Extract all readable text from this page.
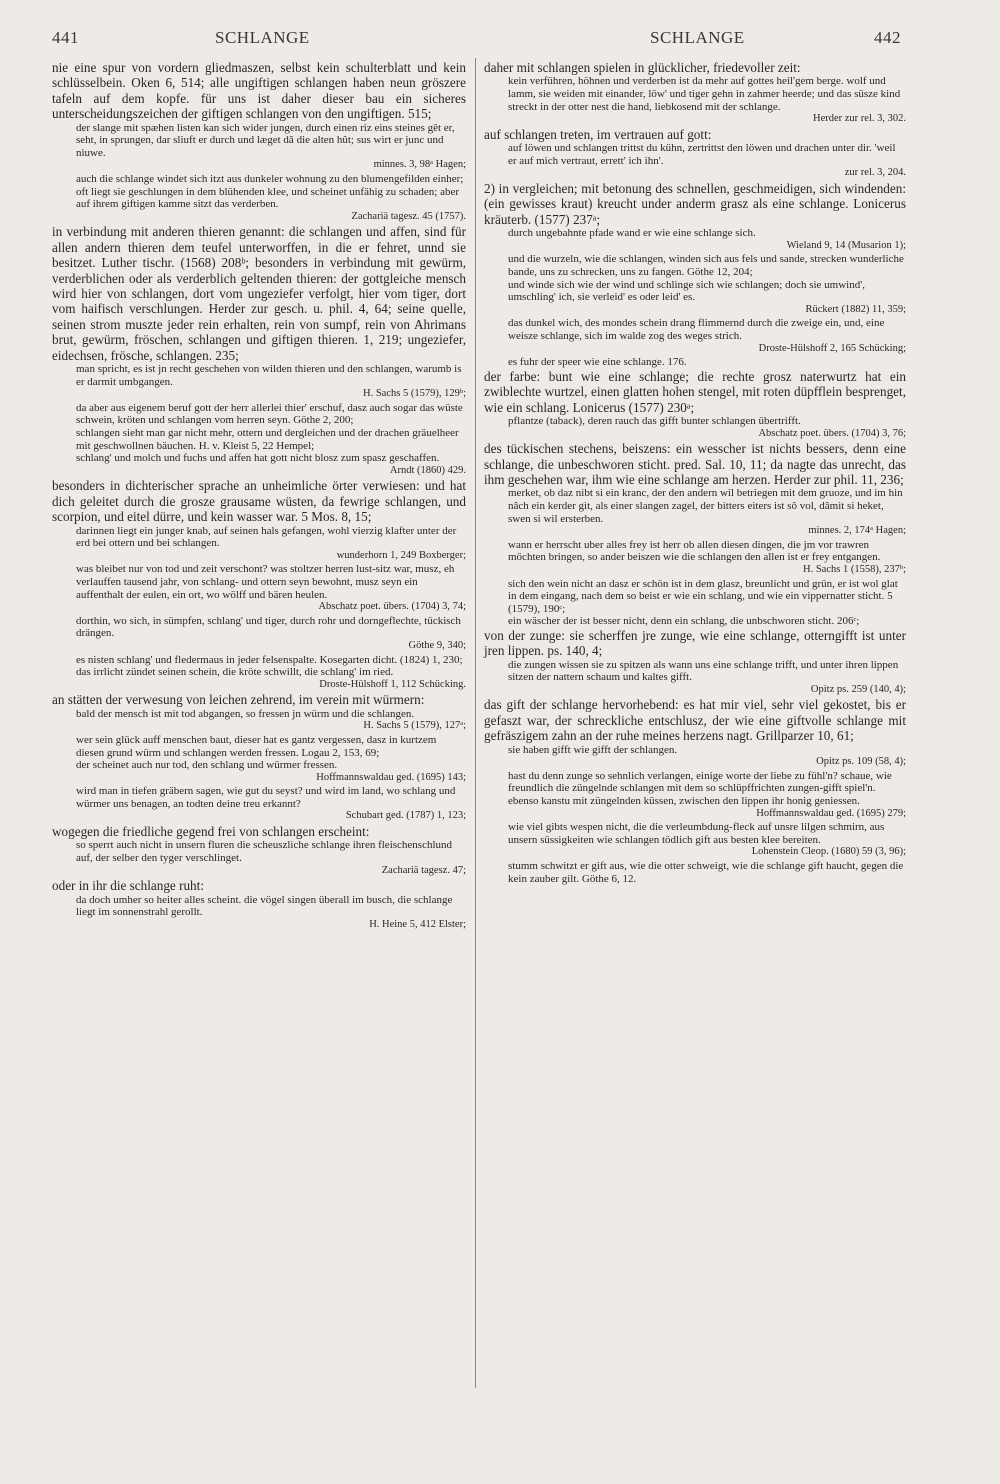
441	SCHLANGE	SCHLANGE	442

nie eine spur von vordern gliedmaszen, selbst kein schulterblatt und kein schlüsselbein. Oken 6, 514; alle ungiftigen schlangen haben neun gröszere tafeln auf dem kopfe. für uns ist daher dieser bau ein sicheres unterscheidungszeichen der giftigen schlangen von den ungiftigen. 515;

der slange mit spæhen listen kan sich wider jungen, durch einen riz eins steines gêt er, seht, in sprungen, dar sliuft er durch und læget dâ die alten hût; sus wirt er junc und niuwe.

minnes. 3, 98ᵃ Hagen;

auch die schlange windet sich itzt aus dunkeler wohnung zu den blumengefilden einher; oft liegt sie geschlungen in dem blühenden klee, und scheinet unfähig zu schaden; aber auf ihrem giftigen kamme sitzt das verderben.

Zachariä tagesz. 45 (1757).

in verbindung mit anderen thieren genannt: die schlangen und affen, sind für allen andern thieren dem teufel unterworffen, in die er fehret, unnd sie besitzet. Luther tischr. (1568) 208ᵇ; besonders in verbindung mit gewürm, verderblichen oder als verderblich geltenden thieren: der gottgleiche mensch wird hier von schlangen, dort vom ungeziefer verfolgt, hier vom tiger, dort vom haifisch verschlungen. Herder zur gesch. u. phil. 4, 64; seine quelle, seinen strom muszte jeder rein erhalten, rein von sumpf, rein von Ahrimans brut, gewürm, fröschen, schlangen und giftigen thieren. 1, 219; ungeziefer, eidechsen, frösche, schlangen. 235;

man spricht, es ist jn recht geschehen von wilden thieren und den schlangen, warumb is er darmit umbgangen.

H. Sachs 5 (1579), 129ᵇ;

da aber aus eigenem beruf gott der herr allerlei thier' erschuf, dasz auch sogar das wüste schwein, kröten und schlangen vom herren seyn. Göthe 2, 200;

schlangen sieht man gar nicht mehr, ottern und dergleichen und der drachen gräuelheer mit geschwollnen bäuchen. H. v. Kleist 5, 22 Hempel;

schlang' und molch und fuchs und affen hat gott nicht blosz zum spasz geschaffen.

Arndt (1860) 429.

besonders in dichterischer sprache an unheimliche örter verwiesen: und hat dich geleitet durch die grosze grausame wüsten, da fewrige schlangen, und scorpion, und eitel dürre, und kein wasser war. 5 Mos. 8, 15;

darinnen liegt ein junger knab, auf seinen hals gefangen, wohl vierzig klafter unter der erd bei ottern und bei schlangen.

wunderhorn 1, 249 Boxberger;

was bleibet nur von tod und zeit verschont? was stoltzer herren lust-sitz war, musz, eh verlauffen tausend jahr, von schlang- und ottern seyn bewohnt, musz seyn ein auffenthalt der eulen, ein ort, wo wölff und bären heulen.

Abschatz poet. übers. (1704) 3, 74;

dorthin, wo sich, in sümpfen, schlang' und tiger, durch rohr und dorngeflechte, tückisch drängen.

Göthe 9, 340;

es nisten schlang' und fledermaus in jeder felsenspalte. Kosegarten dicht. (1824) 1, 230;

das irrlicht zündet seinen schein, die kröte schwillt, die schlang' im ried.

Droste-Hülshoff 1, 112 Schücking.

an stätten der verwesung von leichen zehrend, im verein mit würmern:

bald der mensch ist mit tod abgangen, so fressen jn würm und die schlangen.

H. Sachs 5 (1579), 127ᵃ;

wer sein glück auff menschen baut, dieser hat es gantz vergessen, dasz in kurtzem diesen grund würm und schlangen werden fressen. Logau 2, 153, 69;

der scheinet auch nur tod, den schlang und würmer fressen.

Hoffmannswaldau ged. (1695) 143;

wird man in tiefen gräbern sagen, wie gut du seyst? und wird im land, wo schlang und würmer uns benagen, an todten deine treu erkannt?

Schubart ged. (1787) 1, 123;

wogegen die friedliche gegend frei von schlangen erscheint:

so sperrt auch nicht in unsern fluren die scheuszliche schlange ihren fleischenschlund auf, der selber den tyger verschlinget.

Zachariä tagesz. 47;

oder in ihr die schlange ruht:

da doch umher so heiter alles scheint. die vögel singen überall im busch, die schlange liegt im sonnenstrahl gerollt.

H. Heine 5, 412 Elster;

daher mit schlangen spielen in glücklicher, friedevoller zeit:

kein verführen, höhnen und verderben ist da mehr auf gottes heil'gem berge. wolf und lamm, sie weiden mit einander, löw' und tiger gehn in zahmer heerde; und das süsze kind streckt in der otter nest die hand, liebkosend mit der schlange.

Herder zur rel. 3, 302.

auf schlangen treten, im vertrauen auf gott:

auf löwen und schlangen trittst du kühn, zertrittst den löwen und drachen unter dir. 'weil er auf mich vertraut, errett' ich ihn'.

zur rel. 3, 204.

2) in vergleichen; mit betonung des schnellen, geschmeidigen, sich windenden: (ein gewisses kraut) kreucht under anderm grasz als eine schlange. Lonicerus kräuterb. (1577) 237ᵃ;

durch ungebahnte pfade wand er wie eine schlange sich.

Wieland 9, 14 (Musarion 1);

und die wurzeln, wie die schlangen, winden sich aus fels und sande, strecken wunderliche bande, uns zu schrecken, uns zu fangen. Göthe 12, 204;

und winde sich wie der wind und schlinge sich wie schlangen; doch sie umwind', umschling' ich, sie verleid' es oder leid' es.

Rückert (1882) 11, 359;

das dunkel wich, des mondes schein drang flimmernd durch die zweige ein, und, eine weisze schlange, sich im walde zog des weges strich.

Droste-Hülshoff 2, 165 Schücking;

es fuhr der speer wie eine schlange. 176.

der farbe: bunt wie eine schlange; die rechte grosz naterwurtz hat ein zwiblechte wurtzel, einen glatten hohen stengel, mit roten düpfflein besprenget, wie ein schlang. Lonicerus (1577) 230ᵃ;

pflantze (taback), deren rauch das gifft bunter schlangen übertrifft.

Abschatz poet. übers. (1704) 3, 76;

des tückischen stechens, beiszens: ein wesscher ist nichts bessers, denn eine schlange, die unbeschworen sticht. pred. Sal. 10, 11; da nagte das unrecht, das ihm geschehen war, ihm wie eine schlange am herzen. Herder zur phil. 11, 236;

merket, ob daz nibt si ein kranc, der den andern wil betriegen mit dem gruoze, und im hin nâch ein kerder git, als einer slangen zagel, der bitters eiters ist sô vol, dâmit si heket, swen si wil ersterben.

minnes. 2, 174ᵃ Hagen;

wann er herrscht uber alles frey ist herr ob allen diesen dingen, die jm vor trawren möchten bringen, so ander beiszen wie die schlangen den allen ist er frey entgangen.

H. Sachs 1 (1558), 237ᵇ;

sich den wein nicht an dasz er schön ist in dem glasz, breunlicht und grün, er ist wol glat in dem eingang, nach dem so beist er wie ein schlang, und wie ein vippernatter sticht. 5 (1579), 190ᶜ;

ein wäscher der ist besser nicht, denn ein schlang, die unbschworen sticht. 206ᶜ;

von der zunge: sie scherffen jre zunge, wie eine schlange, otterngifft ist unter jren lippen. ps. 140, 4;

die zungen wissen sie zu spitzen als wann uns eine schlange trifft, und unter ihren lippen sitzen der nattern schaum und kaltes gifft.

Opitz ps. 259 (140, 4);

das gift der schlange hervorhebend: es hat mir viel, sehr viel gekostet, bis er gefaszt war, der schreckliche entschlusz, der wie eine giftvolle schlange mit gefräszigem zahn an der ruhe meines herzens nagt. Grillparzer 10, 61;

sie haben gifft wie gifft der schlangen.

Opitz ps. 109 (58, 4);

hast du denn zunge so sehnlich verlangen, einige worte der liebe zu fühl'n? schaue, wie freundlich die züngelnde schlangen mit dem so schlüpffrichten zungen-gifft spiel'n. ebenso kanstu mit züngelnden küssen, zwischen den lippen ihr honig geniessen.

Hoffmannswaldau ged. (1695) 279;

wie viel gibts wespen nicht, die die verleumbdung-fleck auf unsre lilgen schmirn, aus unsern süssigkeiten wie schlangen tödlich gift aus besten klee bereiten.

Lohenstein Cleop. (1680) 59 (3, 96);

stumm schwitzt er gift aus, wie die otter schweigt, wie die schlange gift haucht, gegen die kein zauber gilt. Göthe 6, 12.
